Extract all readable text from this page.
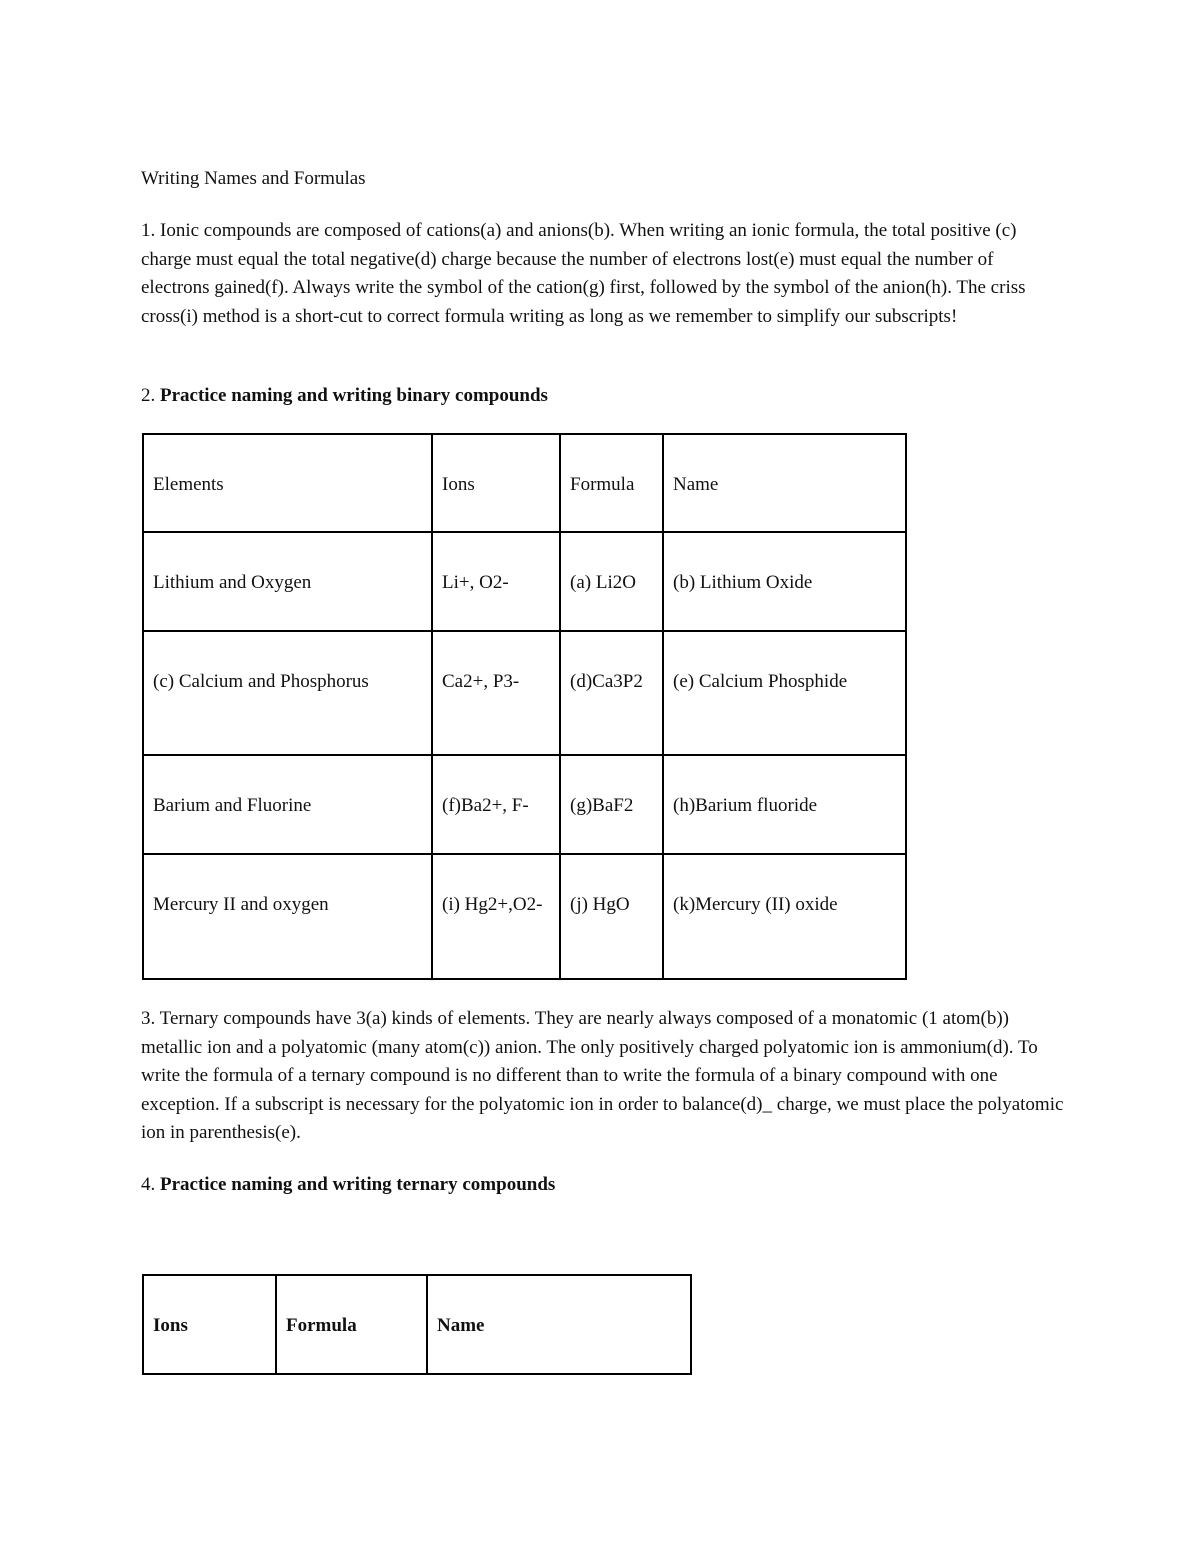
Writing Names and Formulas
1. Ionic compounds are composed of cations(a) and anions(b). When writing an ionic formula, the total positive (c) charge must equal the total negative(d) charge because the number of electrons lost(e) must equal the number of electrons gained(f). Always write the symbol of the cation(g) first, followed by the symbol of the anion(h). The criss cross(i) method is a short-cut to correct formula writing as long as we remember to simplify our subscripts!
2. Practice naming and writing binary compounds
Elements	Ions	Formula	Name
Lithium and Oxygen	Li+, O2-	(a) Li2O	(b) Lithium Oxide
(c) Calcium and Phosphorus	Ca2+, P3-	(d)Ca3P2	(e) Calcium Phosphide
Barium and Fluorine	(f)Ba2+, F-	(g)BaF2	(h)Barium fluoride
Mercury II and oxygen	(i) Hg2+,O2-	(j) HgO	(k)Mercury (II) oxide
3. Ternary compounds have 3(a) kinds of elements. They are nearly always composed of a monatomic (1 atom(b)) metallic ion and a polyatomic (many atom(c)) anion. The only positively charged polyatomic ion is ammonium(d). To write the formula of a ternary compound is no different than to write the formula of a binary compound with one exception. If a subscript is necessary for the polyatomic ion in order to balance(d)_ charge, we must place the polyatomic ion in parenthesis(e).
4. Practice naming and writing ternary compounds
Ions	Formula	Name
